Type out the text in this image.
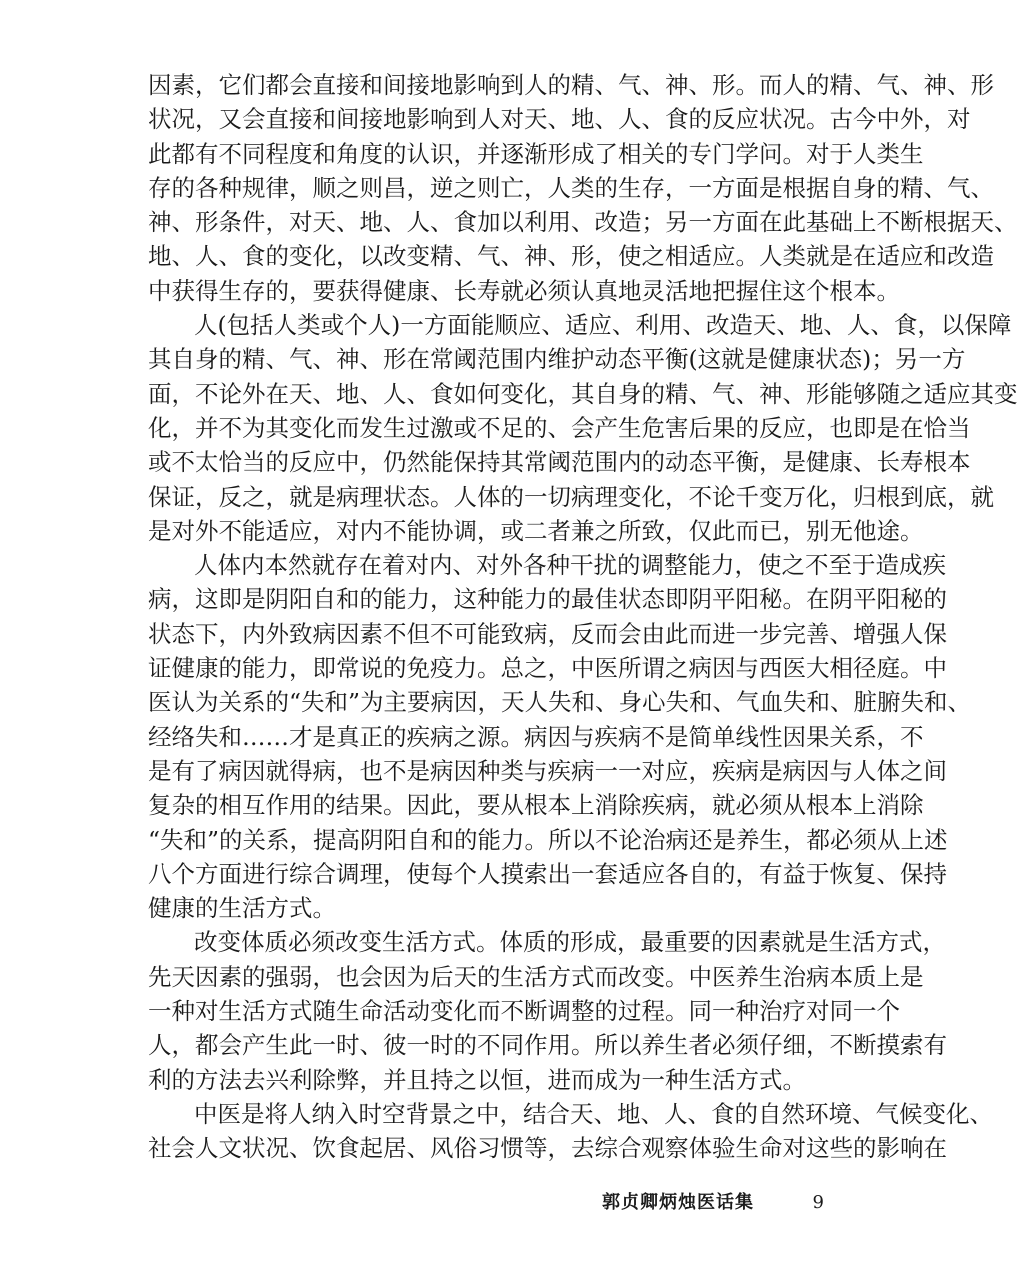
因素，它们都会直接和间接地影响到人的精、气、神、形。而人的精、气、神、形
状况，又会直接和间接地影响到人对天、地、人、食的反应状况。古今中外，对
此都有不同程度和角度的认识，并逐渐形成了相关的专门学问。对于人类生
存的各种规律，顺之则昌，逆之则亡，人类的生存，一方面是根据自身的精、气、
神、形条件，对天、地、人、食加以利用、改造；另一方面在此基础上不断根据天、
地、人、食的变化，以改变精、气、神、形，使之相适应。人类就是在适应和改造
中获得生存的，要获得健康、长寿就必须认真地灵活地把握住这个根本。
人(包括人类或个人)一方面能顺应、适应、利用、改造天、地、人、食，以保障
其自身的精、气、神、形在常阈范围内维护动态平衡(这就是健康状态)；另一方
面，不论外在天、地、人、食如何变化，其自身的精、气、神、形能够随之适应其变
化，并不为其变化而发生过激或不足的、会产生危害后果的反应，也即是在恰当
或不太恰当的反应中，仍然能保持其常阈范围内的动态平衡，是健康、长寿根本
保证，反之，就是病理状态。人体的一切病理变化，不论千变万化，归根到底，就
是对外不能适应，对内不能协调，或二者兼之所致，仅此而已，别无他途。
人体内本然就存在着对内、对外各种干扰的调整能力，使之不至于造成疾
病，这即是阴阳自和的能力，这种能力的最佳状态即阴平阳秘。在阴平阳秘的
状态下，内外致病因素不但不可能致病，反而会由此而进一步完善、增强人保
证健康的能力，即常说的免疫力。总之，中医所谓之病因与西医大相径庭。中
医认为关系的“失和”为主要病因，天人失和、身心失和、气血失和、脏腑失和、
经络失和……才是真正的疾病之源。病因与疾病不是简单线性因果关系，不
是有了病因就得病，也不是病因种类与疾病一一对应，疾病是病因与人体之间
复杂的相互作用的结果。因此，要从根本上消除疾病，就必须从根本上消除
“失和”的关系，提高阴阳自和的能力。所以不论治病还是养生，都必须从上述
八个方面进行综合调理，使每个人摸索出一套适应各自的，有益于恢复、保持
健康的生活方式。
改变体质必须改变生活方式。体质的形成，最重要的因素就是生活方式，
先天因素的强弱，也会因为后天的生活方式而改变。中医养生治病本质上是
一种对生活方式随生命活动变化而不断调整的过程。同一种治疗对同一个
人，都会产生此一时、彼一时的不同作用。所以养生者必须仔细，不断摸索有
利的方法去兴利除弊，并且持之以恒，进而成为一种生活方式。
中医是将人纳入时空背景之中，结合天、地、人、食的自然环境、气候变化、
社会人文状况、饮食起居、风俗习惯等，去综合观察体验生命对这些的影响在
郭贞卿炳烛医话集	9
